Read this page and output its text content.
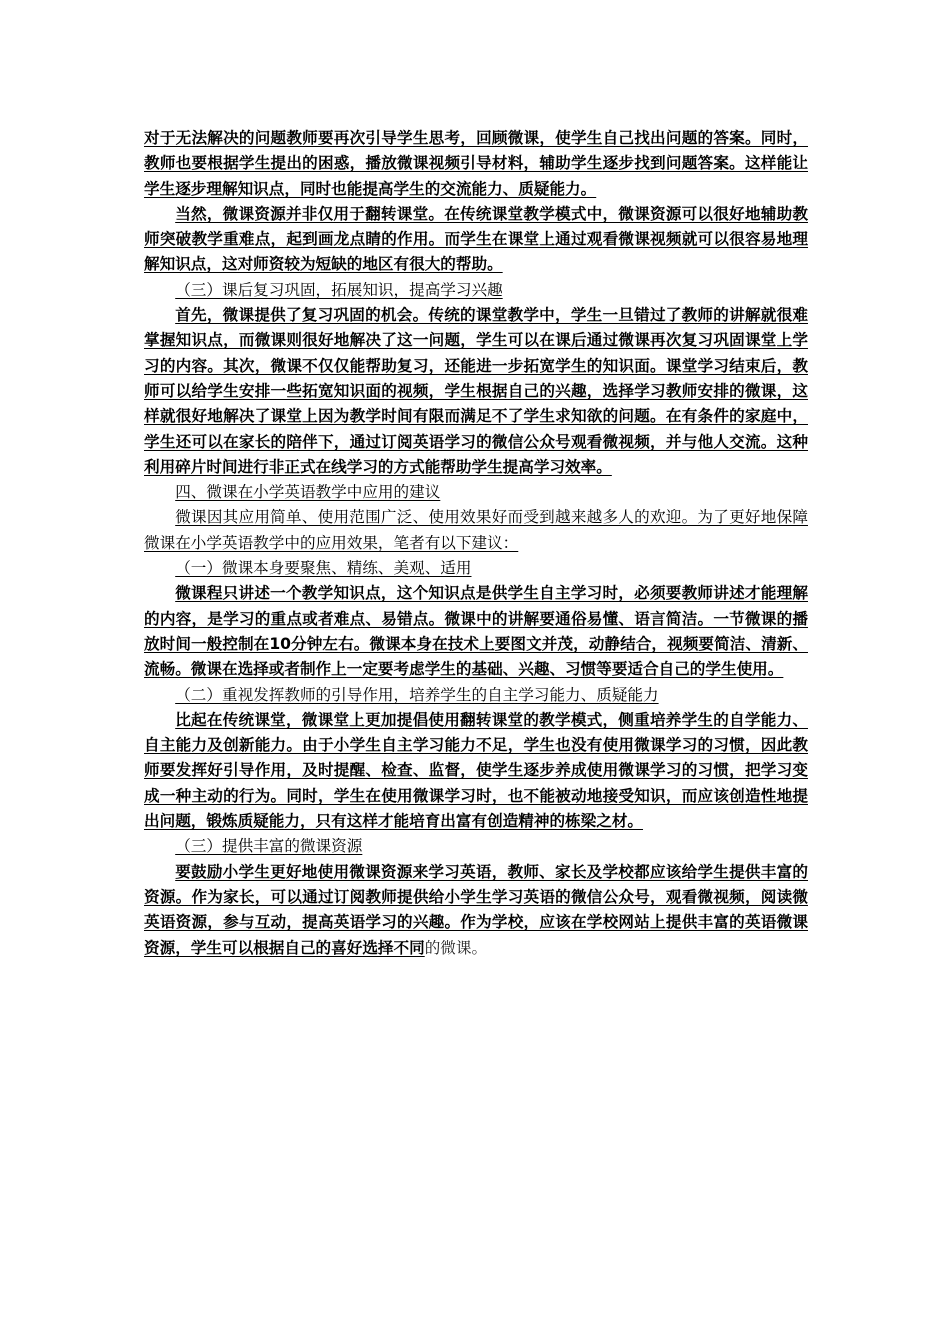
对于无法解决的问题教师要再次引导学生思考，回顾微课，使学生自己找出问题的答案。同时，教师也要根据学生提出的困惑，播放微课视频引导材料，辅助学生逐步找到问题答案。这样能让学生逐步理解知识点，同时也能提高学生的交流能力、质疑能力。

当然，微课资源并非仅用于翻转课堂。在传统课堂教学模式中，微课资源可以很好地辅助教师突破教学重难点，起到画龙点睛的作用。而学生在课堂上通过观看微课视频就可以很容易地理解知识点，这对师资较为短缺的地区有很大的帮助。

（三）课后复习巩固，拓展知识，提高学习兴趣

首先，微课提供了复习巩固的机会。传统的课堂教学中，学生一旦错过了教师的讲解就很难掌握知识点，而微课则很好地解决了这一问题，学生可以在课后通过微课再次复习巩固课堂上学习的内容。其次，微课不仅仅能帮助复习，还能进一步拓宽学生的知识面。课堂学习结束后，教师可以给学生安排一些拓宽知识面的视频，学生根据自己的兴趣，选择学习教师安排的微课，这样就很好地解决了课堂上因为教学时间有限而满足不了学生求知欲的问题。在有条件的家庭中，学生还可以在家长的陪伴下，通过订阅英语学习的微信公众号观看微视频，并与他人交流。这种利用碎片时间进行非正式在线学习的方式能帮助学生提高学习效率。

四、微课在小学英语教学中应用的建议

微课因其应用简单、使用范围广泛、使用效果好而受到越来越多人的欢迎。为了更好地保障微课在小学英语教学中的应用效果，笔者有以下建议：

（一）微课本身要聚焦、精练、美观、适用

微课程只讲述一个教学知识点，这个知识点是供学生自主学习时，必须要教师讲述才能理解的内容，是学习的重点或者难点、易错点。微课中的讲解要通俗易懂、语言简洁。一节微课的播放时间一般控制在10分钟左右。微课本身在技术上要图文并茂，动静结合，视频要简洁、清新、流畅。微课在选择或者制作上一定要考虑学生的基础、兴趣、习惯等要适合自己的学生使用。

（二）重视发挥教师的引导作用，培养学生的自主学习能力、质疑能力

比起在传统课堂，微课堂上更加提倡使用翻转课堂的教学模式，侧重培养学生的自学能力、自主能力及创新能力。由于小学生自主学习能力不足，学生也没有使用微课学习的习惯，因此教师要发挥好引导作用，及时提醒、检查、监督，使学生逐步养成使用微课学习的习惯，把学习变成一种主动的行为。同时，学生在使用微课学习时，也不能被动地接受知识，而应该创造性地提出问题，锻炼质疑能力，只有这样才能培育出富有创造精神的栋梁之材。

（三）提供丰富的微课资源

要鼓励小学生更好地使用微课资源来学习英语，教师、家长及学校都应该给学生提供丰富的资源。作为家长，可以通过订阅教师提供给小学生学习英语的微信公众号，观看微视频，阅读微英语资源，参与互动，提高英语学习的兴趣。作为学校，应该在学校网站上提供丰富的英语微课资源，学生可以根据自己的喜好选择不同的微课。
